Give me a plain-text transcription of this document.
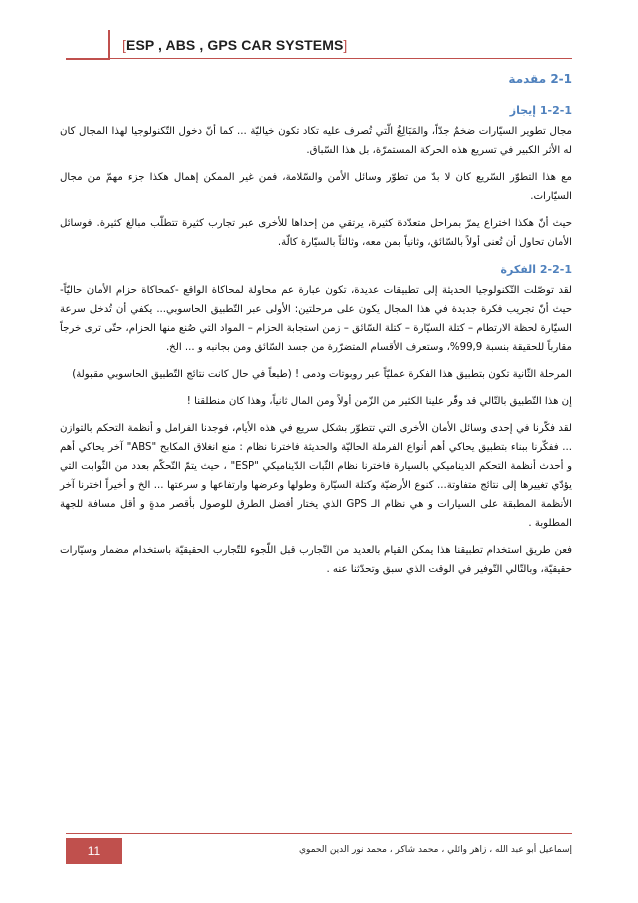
[ESP , ABS , GPS CAR SYSTEMS]
2-1 مقدمة
1-2-1 إيجاز

مجال تطوير السيّارات ضخمٌ جدّاً، والمَبَالِغُ الّتي تُصرف عليه تكاد تكون خياليّة ... كما أنّ دخول التّكنولوجيا لهذا المجال كان له الأثر الكبير في تسريع هذه الحركة المستمرّة، بل هذا السّباق.

مع هذا التطوّر السّريع كان لا بدّ من تطوّر وسائل الأمن والسّلامة، فمن غير الممكن إهمال هكذا جزء مهمّ من مجال السيّارات.

حيث أنّ هكذا اختراع يمرّ بمراحل متعدّدة كثيرة، يرتقي من إحداها للأخرى عبر تجارب كثيرة تتطلّب مبالغ كثيرة. فوسائل الأمان تحاول أن تُعنى أولاً بالسّائق، وثانياً بمن معه، وثالثاً بالسيّارة كالّة.

2-2-1 الفكرة

لقد توصّلت التّكنولوجيا الحديثة إلى تطبيقات عديدة، تكون عبارة عم محاولة لمحاكاة الواقع -كمحاكاة حزام الأمان حاليّاً- حيث أنّ تجريب فكرة جديدة في هذا المجال يكون على مرحلتين: الأولى عبر التّطبيق الحاسوبي... يكفي أن تُدخل سرعة السيّارة لحظة الارتطام – كتلة السيّارة – كتلة السّائق – زمن استجابة الحزام – المواد التي صُنع منها الحزام، حتّى ترى خرجاً مقارباً للحقيقة بنسبة 99,9%، وستعرف الأقسام المتضرّرة من جسد السّائق ومن بجانبه و ... الخ.

المرحلة الثّانية تكون بتطبيق هذا الفكرة عمليّاً عبر روبوتات ودمى ! (طبعاً في حال كانت نتائج التّطبيق الحاسوبي مقبولة)

إن هذا التّطبيق بالتّالي قد وفّر علينا الكثير من الزّمن أولاً ومن المال ثانياً، وهذا كان منطلقنا !

لقد فكّرنا في إحدى وسائل الأمان الأخرى التي تتطوّر بشكل سريع في هذه الأيام، فوجدنا الفرامل و أنظمة التحكم بالتوازن ... ففكّرنا ببناء بتطبيق يحاكي أهم أنواع الفرملة الحاليّة والحديثة فاخترنا نظام : منع انغلاق المكابح "ABS" آخر يحاكي أهم و أحدث أنظمة التحكم الديناميكي بالسيارة فاخترنا نظام الثّبات الدّيناميكي "ESP" ، حيث يتمّ التّحكّم بعدد من الثّوابت التي يؤدّي تغييرها إلى نتائج متفاوتة... كنوع الأرضيّة وكتلة السيّارة وطولها وعرضها وارتفاعها و سرعتها ... الخ و أخيراً اخترنا آخر الأنظمة المطبقة على السيارات و هي نظام الـ GPS الذي يختار أفضل الطرق للوصول بأقصر مدةٍ و أقل مسافة للجهة المطلوبة .

فعن طريق استخدام تطبيقنا هذا يمكن القيام بالعديد من التّجارب قبل اللّجوء للتّجارب الحقيقيّة باستخدام مضمار وسيّارات حقيقيّة، وبالتّالي التّوفير في الوقت الذي سبق وتحدّثنا عنه .

11	إسماعيل أبو عبد الله ، زاهر وائلي ، محمد شاكر ، محمد نور الدين الحموي
